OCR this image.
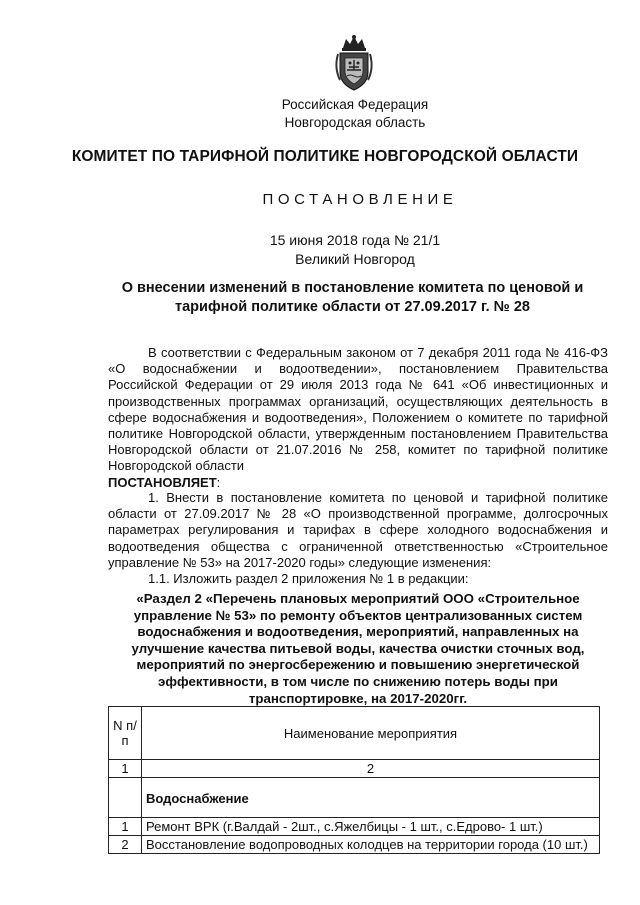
Российская Федерация
Новгородская область
КОМИТЕТ ПО ТАРИФНОЙ ПОЛИТИКЕ НОВГОРОДСКОЙ ОБЛАСТИ
ПОСТАНОВЛЕНИЕ
15 июня 2018 года № 21/1
Великий Новгород
О внесении изменений в постановление комитета по ценовой и тарифной политике области от 27.09.2017 г. № 28
В соответствии с Федеральным законом от 7 декабря 2011 года № 416-ФЗ «О водоснабжении и водоотведении», постановлением Правительства Российской Федерации от 29 июля 2013 года № 641 «Об инвестиционных и производственных программах организаций, осуществляющих деятельность в сфере водоснабжения и водоотведения», Положением о комитете по тарифной политике Новгородской области, утвержденным постановлением Правительства Новгородской области от 21.07.2016 № 258, комитет по тарифной политике Новгородской области
ПОСТАНОВЛЯЕТ:
1. Внести в постановление комитета по ценовой и тарифной политике области от 27.09.2017 № 28 «О производственной программе, долгосрочных параметрах регулирования и тарифах в сфере холодного водоснабжения и водоотведения общества с ограниченной ответственностью «Строительное управление № 53» на 2017-2020 годы» следующие изменения:
1.1. Изложить раздел 2 приложения № 1 в редакции:
«Раздел 2 «Перечень плановых мероприятий ООО «Строительное управление № 53» по ремонту объектов централизованных систем водоснабжения и водоотведения, мероприятий, направленных на улучшение качества питьевой воды, качества очистки сточных вод, мероприятий по энергосбережению и повышению энергетической эффективности, в том числе по снижению потерь воды при транспортировке, на 2017-2020гг.
N п/п	Наименование мероприятия
1	2
	Водоснабжение
1	Ремонт ВРК (г.Валдай - 2шт., с.Яжелбицы - 1 шт., с.Едрово- 1 шт.)
2	Восстановление водопроводных колодцев на территории города (10 шт.)
